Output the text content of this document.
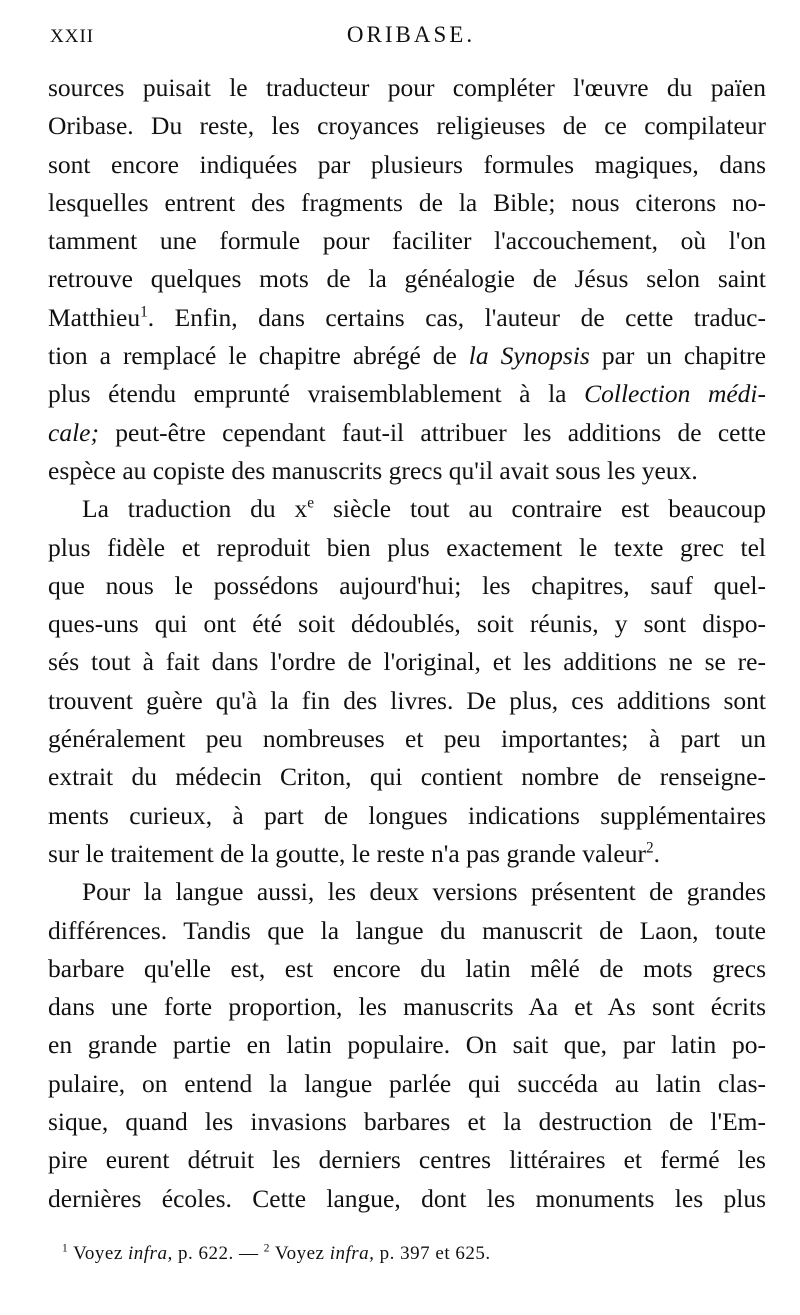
XXII	ORIBASE.
sources puisait le traducteur pour compléter l'œuvre du païen
Oribase. Du reste, les croyances religieuses de ce compilateur
sont encore indiquées par plusieurs formules magiques, dans
lesquelles entrent des fragments de la Bible; nous citerons no-
tamment une formule pour faciliter l'accouchement, où l'on
retrouve quelques mots de la généalogie de Jésus selon saint
Matthieu$^1$. Enfin, dans certains cas, l'auteur de cette traduc-
tion a remplacé le chapitre abrégé de la Synopsis par un chapitre
plus étendu emprunté vraisemblablement à la Collection médi-
cale; peut-être cependant faut-il attribuer les additions de cette
espèce au copiste des manuscrits grecs qu'il avait sous les yeux.
La traduction du $x^e$ siècle tout au contraire est beaucoup
plus fidèle et reproduit bien plus exactement le texte grec tel
que nous le possédons aujourd'hui; les chapitres, sauf quel-
ques-uns qui ont été soit dédoublés, soit réunis, y sont dispo-
sés tout à fait dans l'ordre de l'original, et les additions ne se re-
trouvent guère qu'à la fin des livres. De plus, ces additions sont
généralement peu nombreuses et peu importantes; à part un
extrait du médecin Criton, qui contient nombre de renseigne-
ments curieux, à part de longues indications supplémentaires
sur le traitement de la goutte, le reste n'a pas grande valeur$^2$.
Pour la langue aussi, les deux versions présentent de grandes
différences. Tandis que la langue du manuscrit de Laon, toute
barbare qu'elle est, est encore du latin mêlé de mots grecs
dans une forte proportion, les manuscrits Aa et As sont écrits
en grande partie en latin populaire. On sait que, par latin po-
pulaire, on entend la langue parlée qui succéda au latin clas-
sique, quand les invasions barbares et la destruction de l'Em-
pire eurent détruit les derniers centres littéraires et fermé les
dernières écoles. Cette langue, dont les monuments les plus
$^1$ Voyez infra, p. 622. — $^2$ Voyez infra, p. 397 et 625.
